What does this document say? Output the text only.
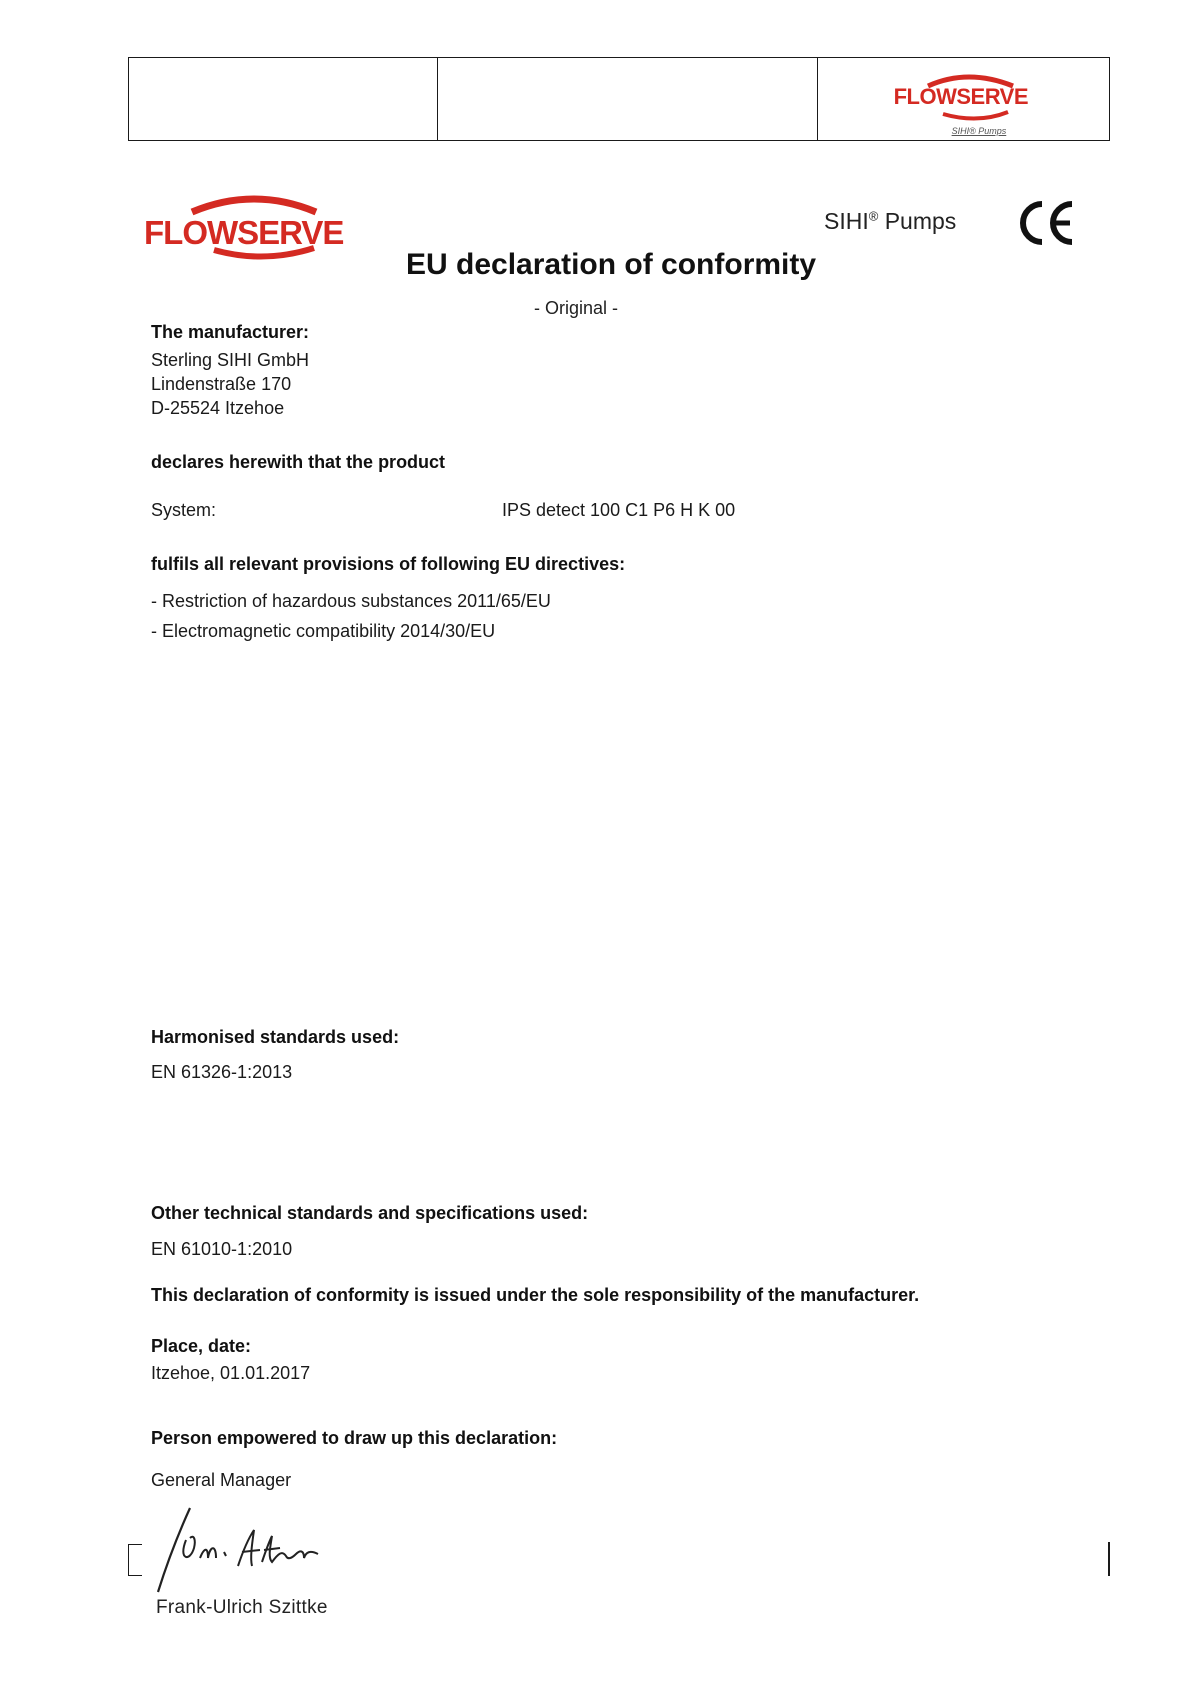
FLOWSERVE
SIHI® Pumps
FLOWSERVE	SIHI® Pumps
EU declaration of conformity
- Original -
The manufacturer:
Sterling SIHI GmbH
Lindenstraße 170
D-25524 Itzehoe
declares herewith that the product
System:	IPS detect 100 C1 P6 H K 00
fulfils all relevant provisions of following EU directives:
- Restriction of hazardous substances 2011/65/EU
- Electromagnetic compatibility 2014/30/EU
Harmonised standards used:
EN 61326-1:2013
Other technical standards and specifications used:
EN 61010-1:2010
This declaration of conformity is issued under the sole responsibility of the manufacturer.
Place, date:
Itzehoe, 01.01.2017
Person empowered to draw up this declaration:
General Manager
Frank-Ulrich Szittke
